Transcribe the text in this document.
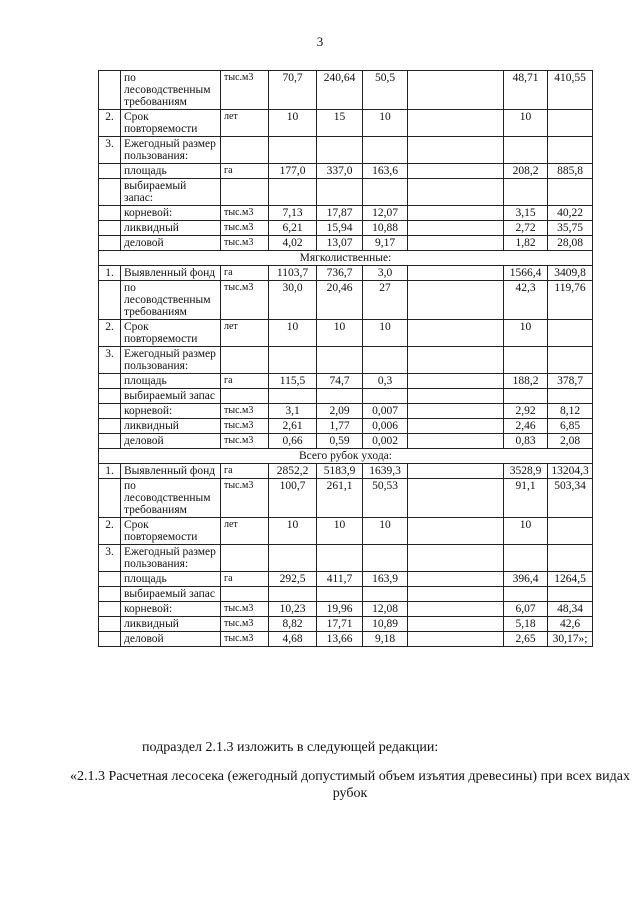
3
	по лесоводственным требованиям	тыс.м3	70,7	240,64	50,5		48,71	410,55
2.	Срок повторяемости	лет	10	15	10		10	
3.	Ежегодный размер пользования:							
	площадь	га	177,0	337,0	163,6		208,2	885,8
	выбираемый запас:							
	корневой:	тыс.м3	7,13	17,87	12,07		3,15	40,22
	ликвидный	тыс.м3	6,21	15,94	10,88		2,72	35,75
	деловой	тыс.м3	4,02	13,07	9,17		1,82	28,08
Мягколиственные:								
1.	Выявленный фонд	га	1103,7	736,7	3,0		1566,4	3409,8
	по лесоводственным требованиям	тыс.м3	30,0	20,46	27		42,3	119,76
2.	Срок повторяемости	лет	10	10	10		10	
3.	Ежегодный размер пользования:							
	площадь	га	115,5	74,7	0,3		188,2	378,7
	выбираемый запас							
	корневой:	тыс.м3	3,1	2,09	0,007		2,92	8,12
	ликвидный	тыс.м3	2,61	1,77	0,006		2,46	6,85
	деловой	тыс.м3	0,66	0,59	0,002		0,83	2,08
Всего рубок ухода:								
1.	Выявленный фонд	га	2852,2	5183,9	1639,3		3528,9	13204,3
	по лесоводственным требованиям	тыс.м3	100,7	261,1	50,53		91,1	503,34
2.	Срок повторяемости	лет	10	10	10		10	
3.	Ежегодный размер пользования:							
	площадь	га	292,5	411,7	163,9		396,4	1264,5
	выбираемый запас							
	корневой:	тыс.м3	10,23	19,96	12,08		6,07	48,34
	ликвидный	тыс.м3	8,82	17,71	10,89		5,18	42,6
	деловой	тыс.м3	4,68	13,66	9,18		2,65	30,17»;
подраздел 2.1.3 изложить в следующей редакции:
«2.1.3 Расчетная лесосека (ежегодный допустимый объем изъятия древесины) при всех видах рубок
